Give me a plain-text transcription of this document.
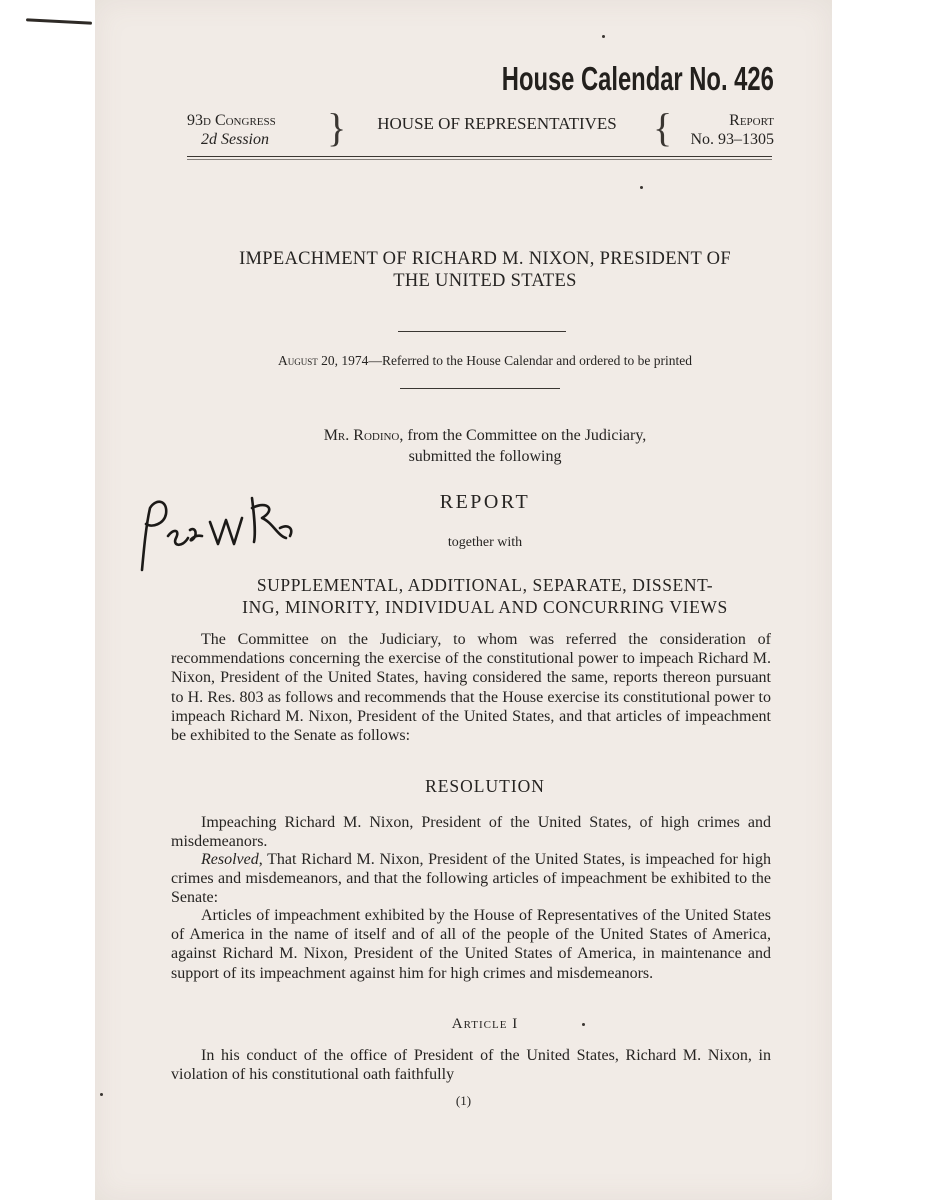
House Calendar No. 426
93d Congress
2d Session }	HOUSE OF REPRESENTATIVES {	Report
No. 93–1305
IMPEACHMENT OF RICHARD M. NIXON, PRESIDENT OF
THE UNITED STATES
August 20, 1974—Referred to the House Calendar and ordered to be printed
Mr. Rodino, from the Committee on the Judiciary,
submitted the following
REPORT
together with
SUPPLEMENTAL, ADDITIONAL, SEPARATE, DISSENT-
ING, MINORITY, INDIVIDUAL AND CONCURRING VIEWS
The Committee on the Judiciary, to whom was referred the consideration of recommendations concerning the exercise of the constitutional power to impeach Richard M. Nixon, President of the United States, having considered the same, reports thereon pursuant to H. Res. 803 as follows and recommends that the House exercise its constitutional power to impeach Richard M. Nixon, President of the United States, and that articles of impeachment be exhibited to the Senate as follows:
RESOLUTION
Impeaching Richard M. Nixon, President of the United States, of high crimes and misdemeanors.
Resolved, That Richard M. Nixon, President of the United States, is impeached for high crimes and misdemeanors, and that the following articles of impeachment be exhibited to the Senate:
Articles of impeachment exhibited by the House of Representatives of the United States of America in the name of itself and of all of the people of the United States of America, against Richard M. Nixon, President of the United States of America, in maintenance and support of its impeachment against him for high crimes and misdemeanors.
Article I
In his conduct of the office of President of the United States, Richard M. Nixon, in violation of his constitutional oath faithfully
(1)
